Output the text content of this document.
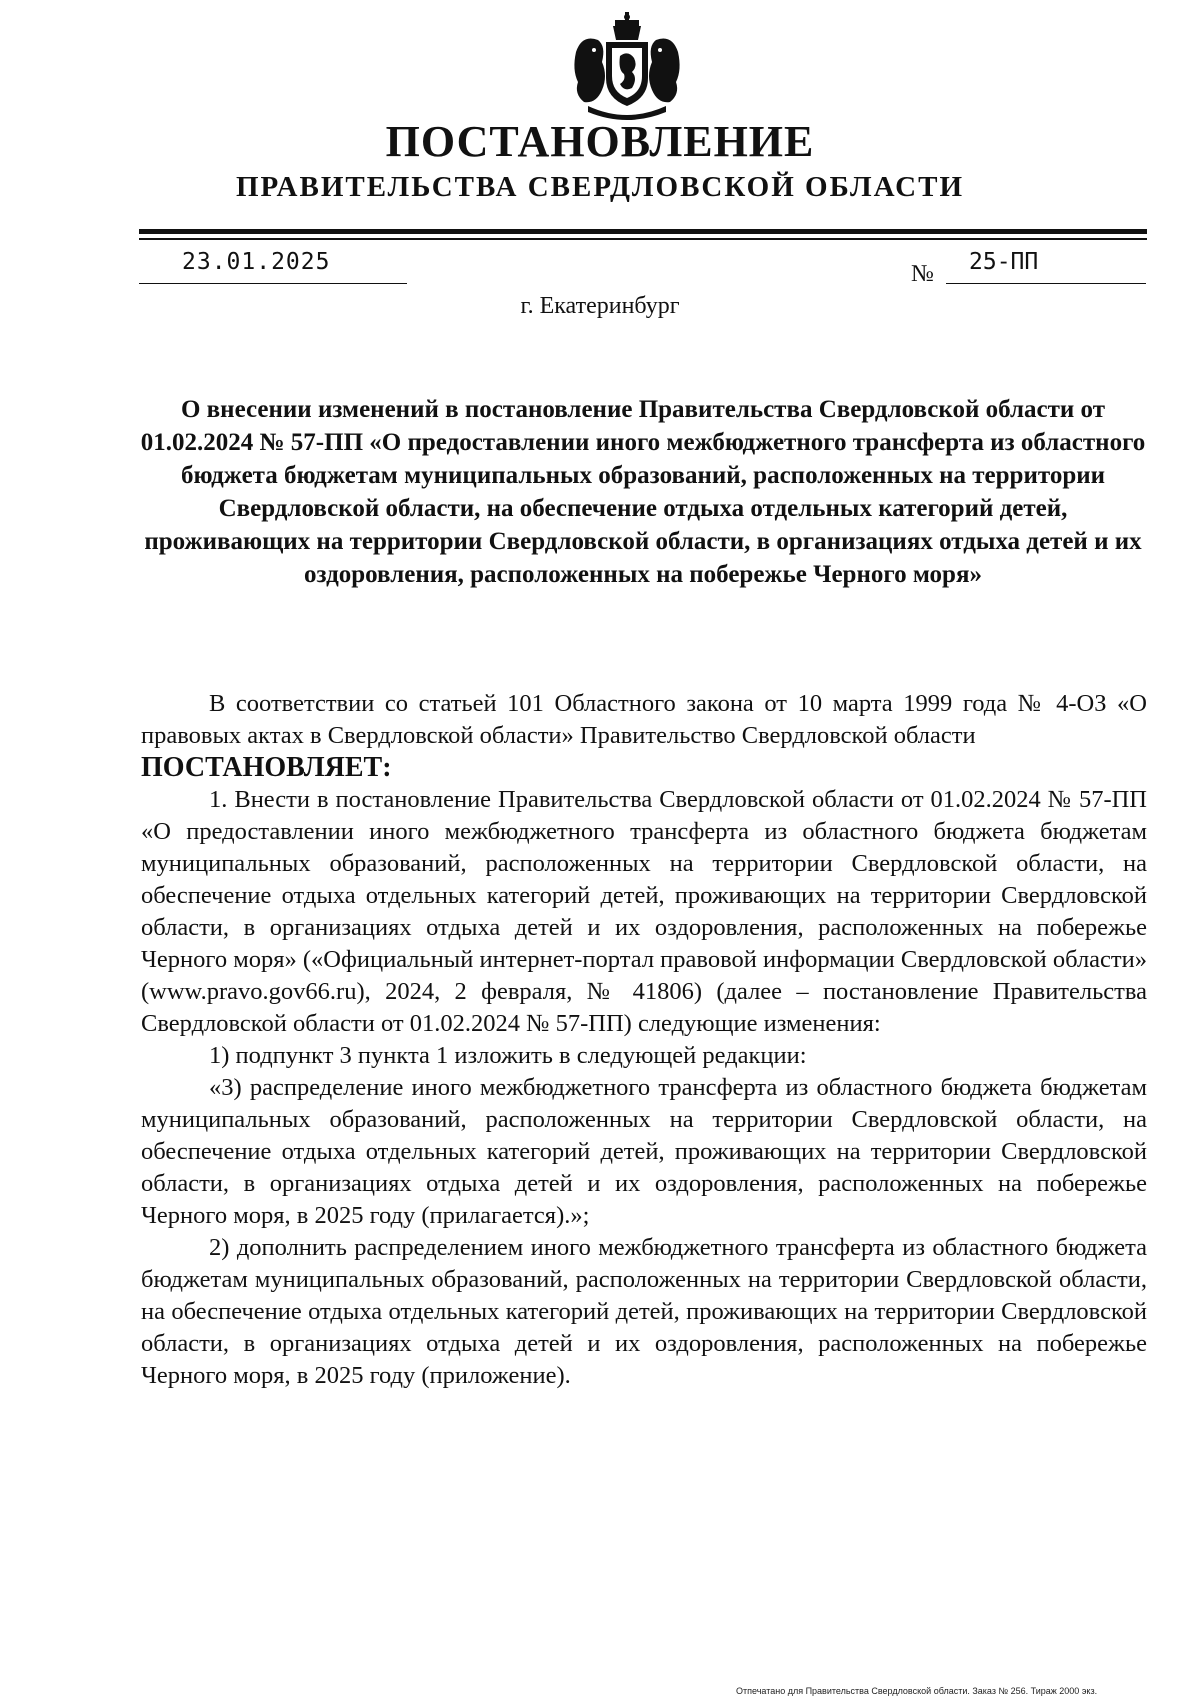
ПОСТАНОВЛЕНИЕ
ПРАВИТЕЛЬСТВА СВЕРДЛОВСКОЙ ОБЛАСТИ
23.01.2025	№ 25-ПП
г. Екатеринбург
О внесении изменений в постановление Правительства Свердловской области от 01.02.2024 № 57-ПП «О предоставлении иного межбюджетного трансферта из областного бюджета бюджетам муниципальных образований, расположенных на территории Свердловской области, на обеспечение отдыха отдельных категорий детей, проживающих на территории Свердловской области, в организациях отдыха детей и их оздоровления, расположенных на побережье Черного моря»

В соответствии со статьей 101 Областного закона от 10 марта 1999 года № 4-ОЗ «О правовых актах в Свердловской области» Правительство Свердловской области

ПОСТАНОВЛЯЕТ:

1. Внести в постановление Правительства Свердловской области от 01.02.2024 № 57-ПП «О предоставлении иного межбюджетного трансферта из областного бюджета бюджетам муниципальных образований, расположенных на территории Свердловской области, на обеспечение отдыха отдельных категорий детей, проживающих на территории Свердловской области, в организациях отдыха детей и их оздоровления, расположенных на побережье Черного моря» («Официальный интернет-портал правовой информации Свердловской области» (www.pravo.gov66.ru), 2024, 2 февраля, № 41806) (далее – постановление Правительства Свердловской области от 01.02.2024 № 57-ПП) следующие изменения:

1) подпункт 3 пункта 1 изложить в следующей редакции:

«3) распределение иного межбюджетного трансферта из областного бюджета бюджетам муниципальных образований, расположенных на территории Свердловской области, на обеспечение отдыха отдельных категорий детей, проживающих на территории Свердловской области, в организациях отдыха детей и их оздоровления, расположенных на побережье Черного моря, в 2025 году (прилагается).»;

2) дополнить распределением иного межбюджетного трансферта из областного бюджета бюджетам муниципальных образований, расположенных на территории Свердловской области, на обеспечение отдыха отдельных категорий детей, проживающих на территории Свердловской области, в организациях отдыха детей и их оздоровления, расположенных на побережье Черного моря, в 2025 году (приложение).

Отпечатано для Правительства Свердловской области. Заказ № 256. Тираж 2000 экз.
